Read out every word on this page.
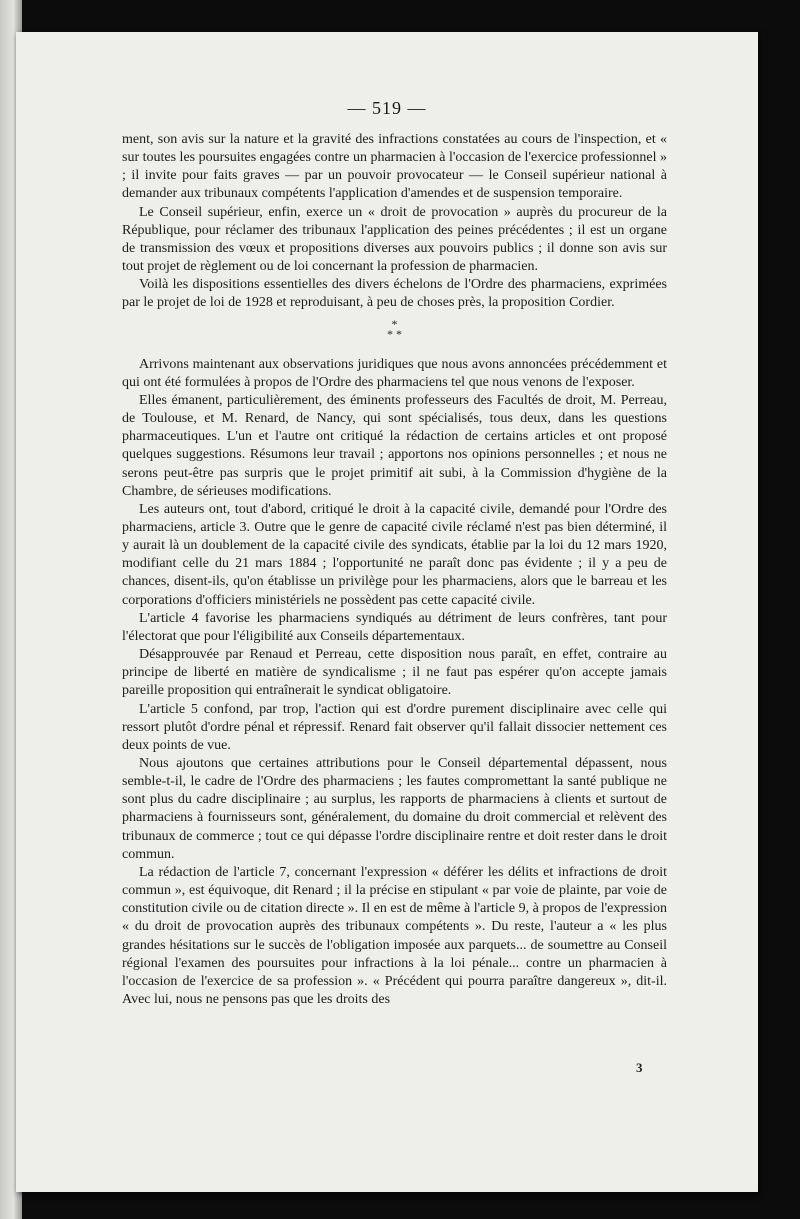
— 519 —

ment, son avis sur la nature et la gravité des infractions constatées au cours de l'inspection, et « sur toutes les poursuites engagées contre un pharmacien à l'occasion de l'exercice professionnel » ; il invite pour faits graves — par un pouvoir provocateur — le Conseil supérieur national à demander aux tribunaux compétents l'application d'amendes et de suspension temporaire.

Le Conseil supérieur, enfin, exerce un « droit de provocation » auprès du procureur de la République, pour réclamer des tribunaux l'application des peines précédentes ; il est un organe de transmission des vœux et propositions diverses aux pouvoirs publics ; il donne son avis sur tout projet de règlement ou de loi concernant la profession de pharmacien.

Voilà les dispositions essentielles des divers échelons de l'Ordre des pharmaciens, exprimées par le projet de loi de 1928 et reproduisant, à peu de choses près, la proposition Cordier.

*
* *

Arrivons maintenant aux observations juridiques que nous avons annoncées précédemment et qui ont été formulées à propos de l'Ordre des pharmaciens tel que nous venons de l'exposer.

Elles émanent, particulièrement, des éminents professeurs des Facultés de droit, M. Perreau, de Toulouse, et M. Renard, de Nancy, qui sont spécialisés, tous deux, dans les questions pharmaceutiques. L'un et l'autre ont critiqué la rédaction de certains articles et ont proposé quelques suggestions. Résumons leur travail ; apportons nos opinions personnelles ; et nous ne serons peut-être pas surpris que le projet primitif ait subi, à la Commission d'hygiène de la Chambre, de sérieuses modifications.

Les auteurs ont, tout d'abord, critiqué le droit à la capacité civile, demandé pour l'Ordre des pharmaciens, article 3. Outre que le genre de capacité civile réclamé n'est pas bien déterminé, il y aurait là un doublement de la capacité civile des syndicats, établie par la loi du 12 mars 1920, modifiant celle du 21 mars 1884 ; l'opportunité ne paraît donc pas évidente ; il y a peu de chances, disent-ils, qu'on établisse un privilège pour les pharmaciens, alors que le barreau et les corporations d'officiers ministériels ne possèdent pas cette capacité civile.

L'article 4 favorise les pharmaciens syndiqués au détriment de leurs confrères, tant pour l'électorat que pour l'éligibilité aux Conseils départementaux.

Désapprouvée par Renaud et Perreau, cette disposition nous paraît, en effet, contraire au principe de liberté en matière de syndicalisme ; il ne faut pas espérer qu'on accepte jamais pareille proposition qui entraînerait le syndicat obligatoire.

L'article 5 confond, par trop, l'action qui est d'ordre purement disciplinaire avec celle qui ressort plutôt d'ordre pénal et répressif. Renard fait observer qu'il fallait dissocier nettement ces deux points de vue.

Nous ajoutons que certaines attributions pour le Conseil départemental dépassent, nous semble-t-il, le cadre de l'Ordre des pharmaciens ; les fautes compromettant la santé publique ne sont plus du cadre disciplinaire ; au surplus, les rapports de pharmaciens à clients et surtout de pharmaciens à fournisseurs sont, généralement, du domaine du droit commercial et relèvent des tribunaux de commerce ; tout ce qui dépasse l'ordre disciplinaire rentre et doit rester dans le droit commun.

La rédaction de l'article 7, concernant l'expression « déférer les délits et infractions de droit commun », est équivoque, dit Renard ; il la précise en stipulant « par voie de plainte, par voie de constitution civile ou de citation directe ». Il en est de même à l'article 9, à propos de l'expression « du droit de provocation auprès des tribunaux compétents ». Du reste, l'auteur a « les plus grandes hésitations sur le succès de l'obligation imposée aux parquets... de soumettre au Conseil régional l'examen des poursuites pour infractions à la loi pénale... contre un pharmacien à l'occasion de l'exercice de sa profession ». « Précédent qui pourra paraître dangereux », dit-il. Avec lui, nous ne pensons pas que les droits des

3
